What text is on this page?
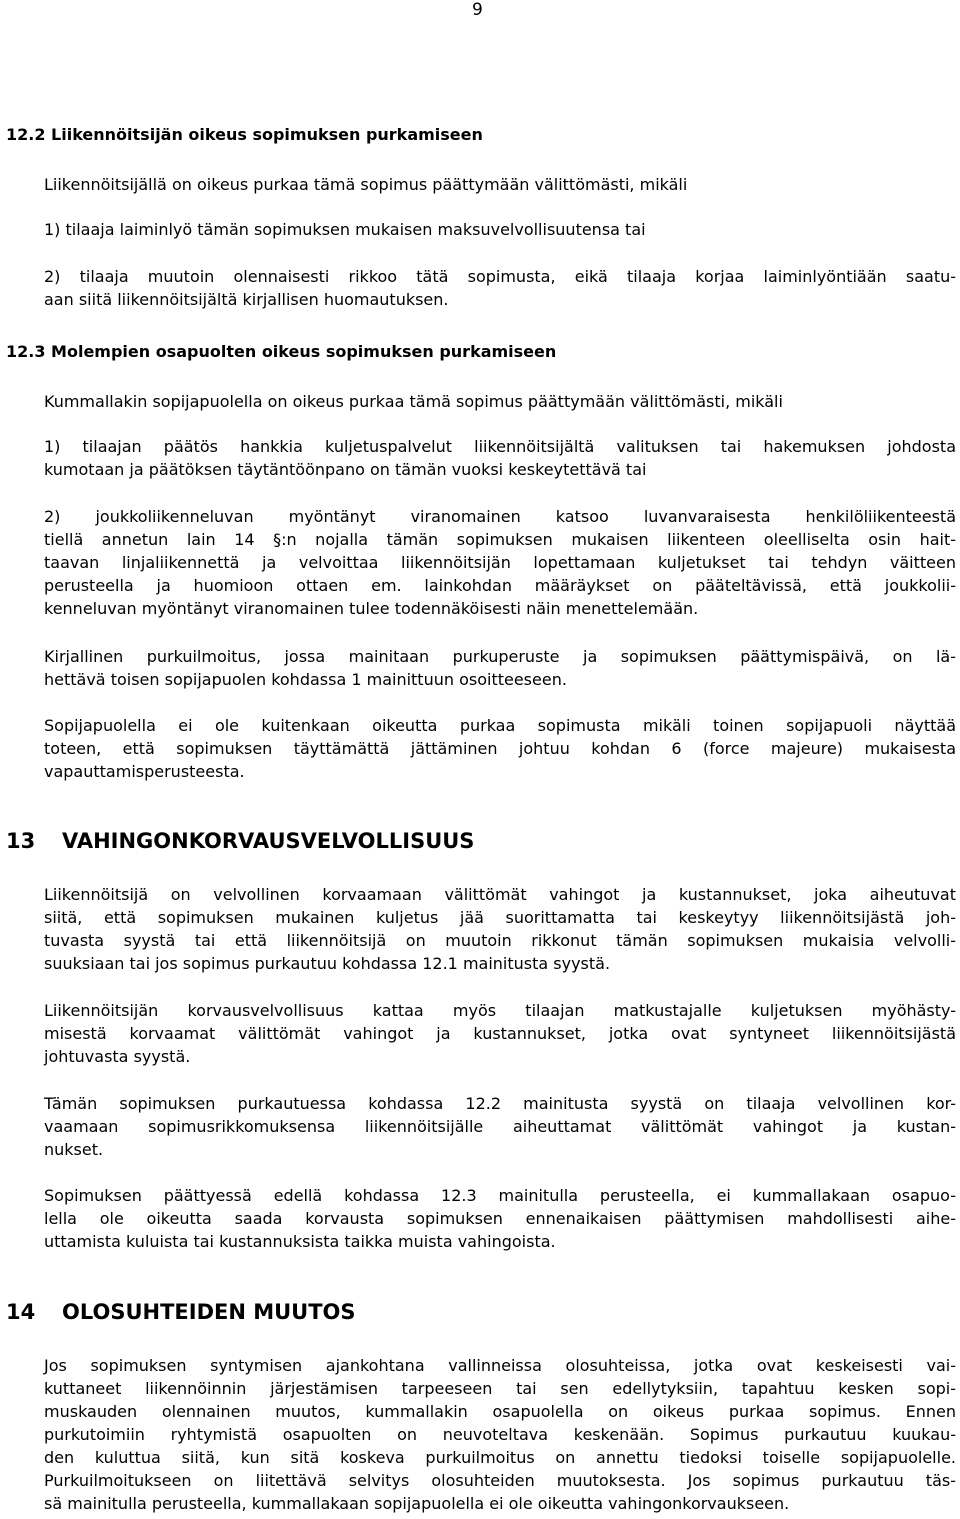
9
12.2 Liikennöitsijän oikeus sopimuksen purkamiseen
Liikennöitsijällä on oikeus purkaa tämä sopimus päättymään välittömästi, mikäli
1) tilaaja laiminlyö tämän sopimuksen mukaisen maksuvelvollisuutensa tai
2) tilaaja muutoin olennaisesti rikkoo tätä sopimusta, eikä tilaaja korjaa laiminlyöntiään saatu-
aan siitä liikennöitsijältä kirjallisen huomautuksen.
12.3 Molempien osapuolten oikeus sopimuksen purkamiseen
Kummallakin sopijapuolella on oikeus purkaa tämä sopimus päättymään välittömästi, mikäli
1) tilaajan päätös hankkia kuljetuspalvelut liikennöitsijältä valituksen tai hakemuksen johdosta
kumotaan ja päätöksen täytäntöönpano on tämän vuoksi keskeytettävä tai
2) joukkoliikenneluvan myöntänyt viranomainen katsoo luvanvaraisesta henkilöliikenteestä
tiellä annetun lain 14 §:n nojalla tämän sopimuksen mukaisen liikenteen oleelliselta osin hait-
taavan linjaliikennettä ja velvoittaa liikennöitsijän lopettamaan kuljetukset tai tehdyn väitteen
perusteella ja huomioon ottaen em. lainkohdan määräykset on pääteltävissä, että joukkolii-
kenneluvan myöntänyt viranomainen tulee todennäköisesti näin menettelemään.
Kirjallinen purkuilmoitus, jossa mainitaan purkuperuste ja sopimuksen päättymispäivä, on lä-
hettävä toisen sopijapuolen kohdassa 1 mainittuun osoitteeseen.
Sopijapuolella ei ole kuitenkaan oikeutta purkaa sopimusta mikäli toinen sopijapuoli näyttää
toteen, että sopimuksen täyttämättä jättäminen johtuu kohdan 6 (force majeure) mukaisesta
vapauttamisperusteesta.
13 VAHINGONKORVAUSVELVOLLISUUS
Liikennöitsijä on velvollinen korvaamaan välittömät vahingot ja kustannukset, joka aiheutuvat
siitä, että sopimuksen mukainen kuljetus jää suorittamatta tai keskeytyy liikennöitsijästä joh-
tuvasta syystä tai että liikennöitsijä on muutoin rikkonut tämän sopimuksen mukaisia velvolli-
suuksiaan tai jos sopimus purkautuu kohdassa 12.1 mainitusta syystä.
Liikennöitsijän korvausvelvollisuus kattaa myös tilaajan matkustajalle kuljetuksen myöhästy-
misestä korvaamat välittömät vahingot ja kustannukset, jotka ovat syntyneet liikennöitsijästä
johtuvasta syystä.
Tämän sopimuksen purkautuessa kohdassa 12.2 mainitusta syystä on tilaaja velvollinen kor-
vaamaan sopimusrikkomuksensa liikennöitsijälle aiheuttamat välittömät vahingot ja kustan-
nukset.
Sopimuksen päättyessä edellä kohdassa 12.3 mainitulla perusteella, ei kummallakaan osapuo-
lella ole oikeutta saada korvausta sopimuksen ennenaikaisen päättymisen mahdollisesti aihe-
uttamista kuluista tai kustannuksista taikka muista vahingoista.
14 OLOSUHTEIDEN MUUTOS
Jos sopimuksen syntymisen ajankohtana vallinneissa olosuhteissa, jotka ovat keskeisesti vai-
kuttaneet liikennöinnin järjestämisen tarpeeseen tai sen edellytyksiin, tapahtuu kesken sopi-
muskauden olennainen muutos, kummallakin osapuolella on oikeus purkaa sopimus. Ennen
purkutoimiin ryhtymistä osapuolten on neuvoteltava keskenään. Sopimus purkautuu kuukau-
den kuluttua siitä, kun sitä koskeva purkuilmoitus on annettu tiedoksi toiselle sopijapuolelle.
Purkuilmoitukseen on liitettävä selvitys olosuhteiden muutoksesta. Jos sopimus purkautuu täs-
sä mainitulla perusteella, kummallakaan sopijapuolella ei ole oikeutta vahingonkorvaukseen.
